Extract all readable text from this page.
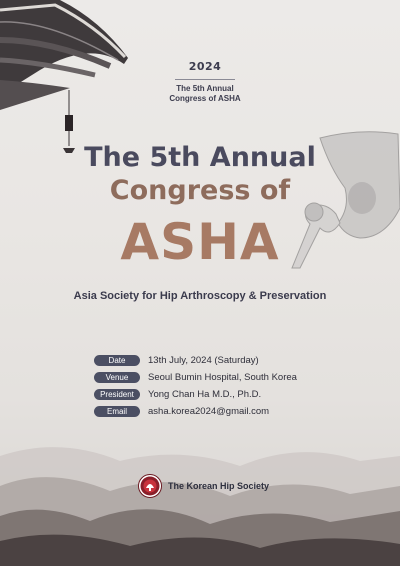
2024
The 5th Annual
Congress of ASHA
The 5th Annual
Congress of
ASHA
Asia Society for Hip Arthroscopy & Preservation
Date	13th July, 2024 (Saturday)
Venue	Seoul Bumin Hospital, South Korea
President	Yong Chan Ha M.D., Ph.D.
Email	asha.korea2024@gmail.com
The Korean Hip Society
